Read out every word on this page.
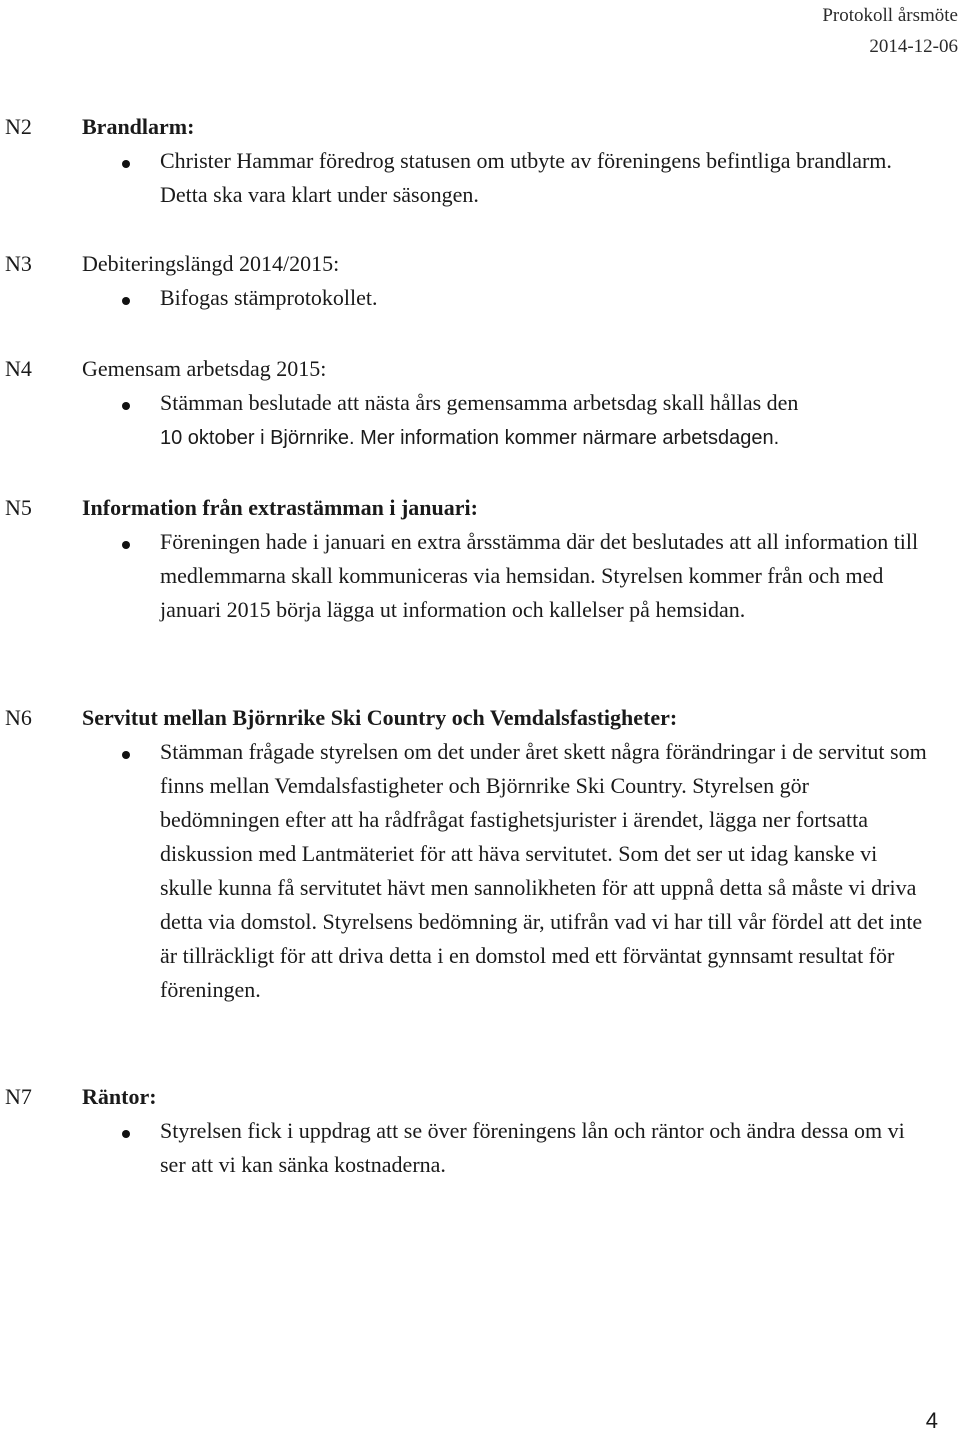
Protokoll årsmöte
2014-12-06
N2 Brandlarm:

Christer Hammar föredrog statusen om utbyte av föreningens befintliga brandlarm. Detta ska vara klart under säsongen.

N3 Debiteringslängd 2014/2015:

Bifogas stämprotokollet.

N4 Gemensam arbetsdag 2015:

Stämman beslutade att nästa års gemensamma arbetsdag skall hållas den
10 oktober i Björnrike. Mer information kommer närmare arbetsdagen.

N5 Information från extrastämman i januari:

Föreningen hade i januari en extra årsstämma där det beslutades att all information till medlemmarna skall kommuniceras via hemsidan. Styrelsen kommer från och med januari 2015 börja lägga ut information och kallelser på hemsidan.

N6 Servitut mellan Björnrike Ski Country och Vemdalsfastigheter:

Stämman frågade styrelsen om det under året skett några förändringar i de servitut som finns mellan Vemdalsfastigheter och Björnrike Ski Country. Styrelsen gör bedömningen efter att ha rådfrågat fastighetsjurister i ärendet, lägga ner fortsatta diskussion med Lantmäteriet för att häva servitutet. Som det ser ut idag kanske vi skulle kunna få servitutet hävt men sannolikheten för att uppnå detta så måste vi driva detta via domstol. Styrelsens bedömning är, utifrån vad vi har till vår fördel att det inte är tillräckligt för att driva detta i en domstol med ett förväntat gynnsamt resultat för föreningen.

N7 Räntor:

Styrelsen fick i uppdrag att se över föreningens lån och räntor och ändra dessa om vi ser att vi kan sänka kostnaderna.

4
